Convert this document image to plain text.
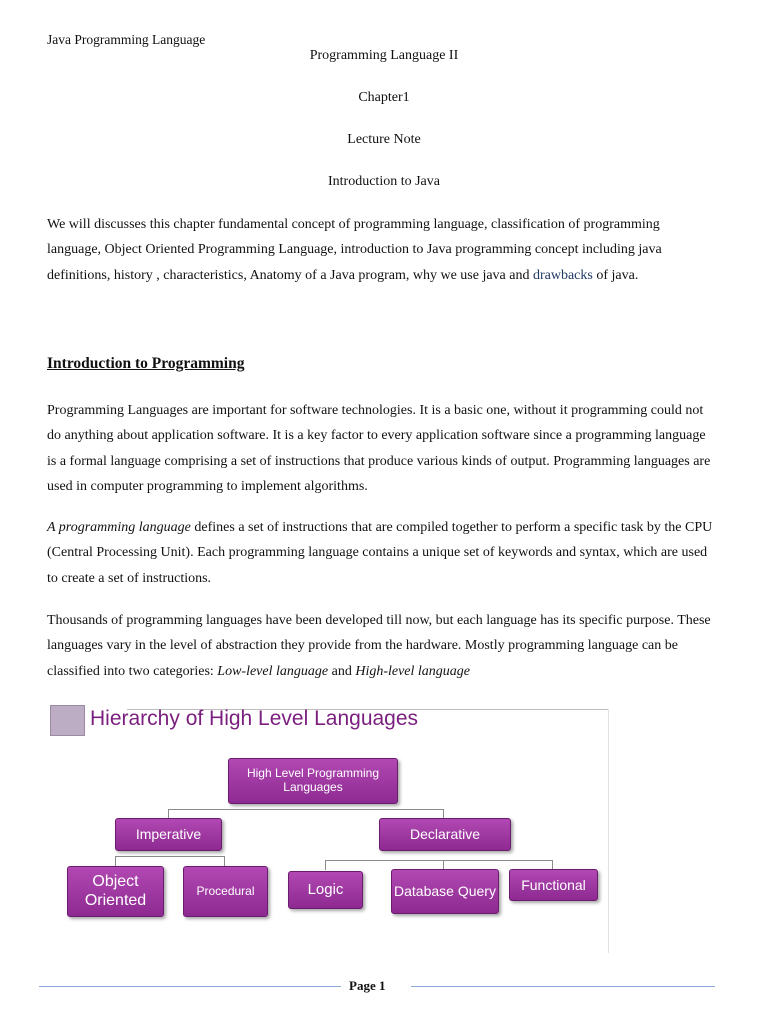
Java Programming Language
Programming Language II
Chapter1
Lecture Note
Introduction to Java
We will discusses this chapter fundamental concept of programming language, classification of programming language, Object Oriented Programming Language, introduction to Java programming concept including java definitions, history , characteristics, Anatomy of a Java program, why we use java and drawbacks of java.
Introduction to Programming
Programming Languages are important for software technologies. It is a basic one, without it programming could not do anything about application software. It is a key factor to every application software since a programming language is a formal language comprising a set of instructions that produce various kinds of output. Programming languages are used in computer programming to implement algorithms.
A programming language defines a set of instructions that are compiled together to perform a specific task by the CPU (Central Processing Unit). Each programming language contains a unique set of keywords and syntax, which are used to create a set of instructions.
Thousands of programming languages have been developed till now, but each language has its specific purpose. These languages vary in the level of abstraction they provide from the hardware. Mostly programming language can be classified into two categories: Low-level language and High-level language
Hierarchy of High Level Languages
High Level Programming Languages
Imperative	Declarative
Object Oriented
Procedural	Logic	Database Query	Functional
Page 1
